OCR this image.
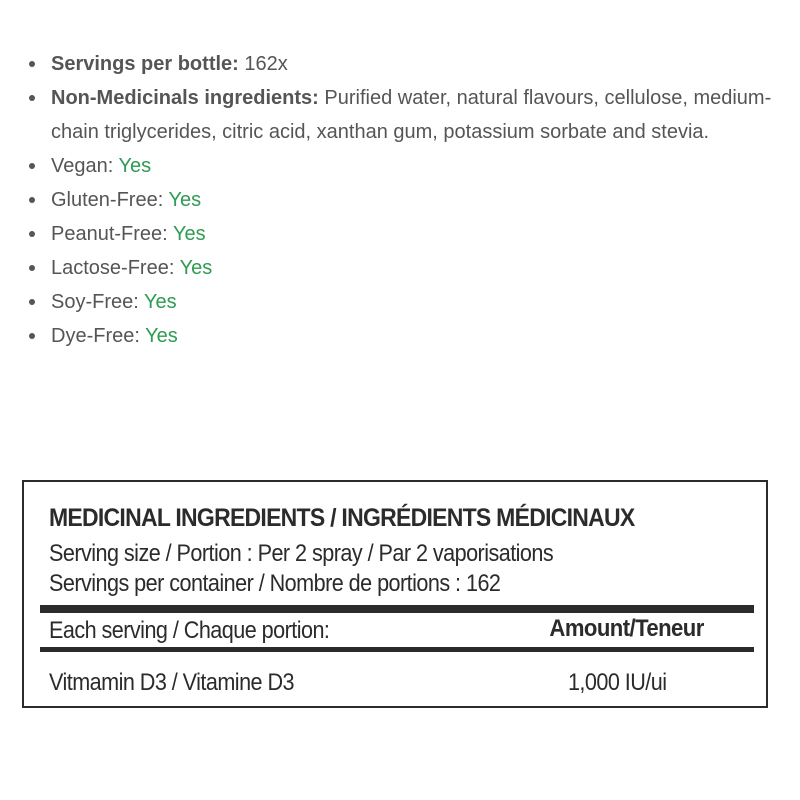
Servings per bottle: 162x
Non-Medicinals ingredients: Purified water, natural flavours, cellulose, medium-chain triglycerides, citric acid, xanthan gum, potassium sorbate and stevia.
Vegan: Yes
Gluten-Free: Yes
Peanut-Free: Yes
Lactose-Free: Yes
Soy-Free: Yes
Dye-Free: Yes
MEDICINAL INGREDIENTS / INGRÉDIENTS MÉDICINAUX
Serving size / Portion : Per 2 spray / Par 2 vaporisations
Servings per container / Nombre de portions : 162
Each serving / Chaque portion:	Amount/Teneur
Vitmamin D3 / Vitamine D3	1,000 IU/ui
